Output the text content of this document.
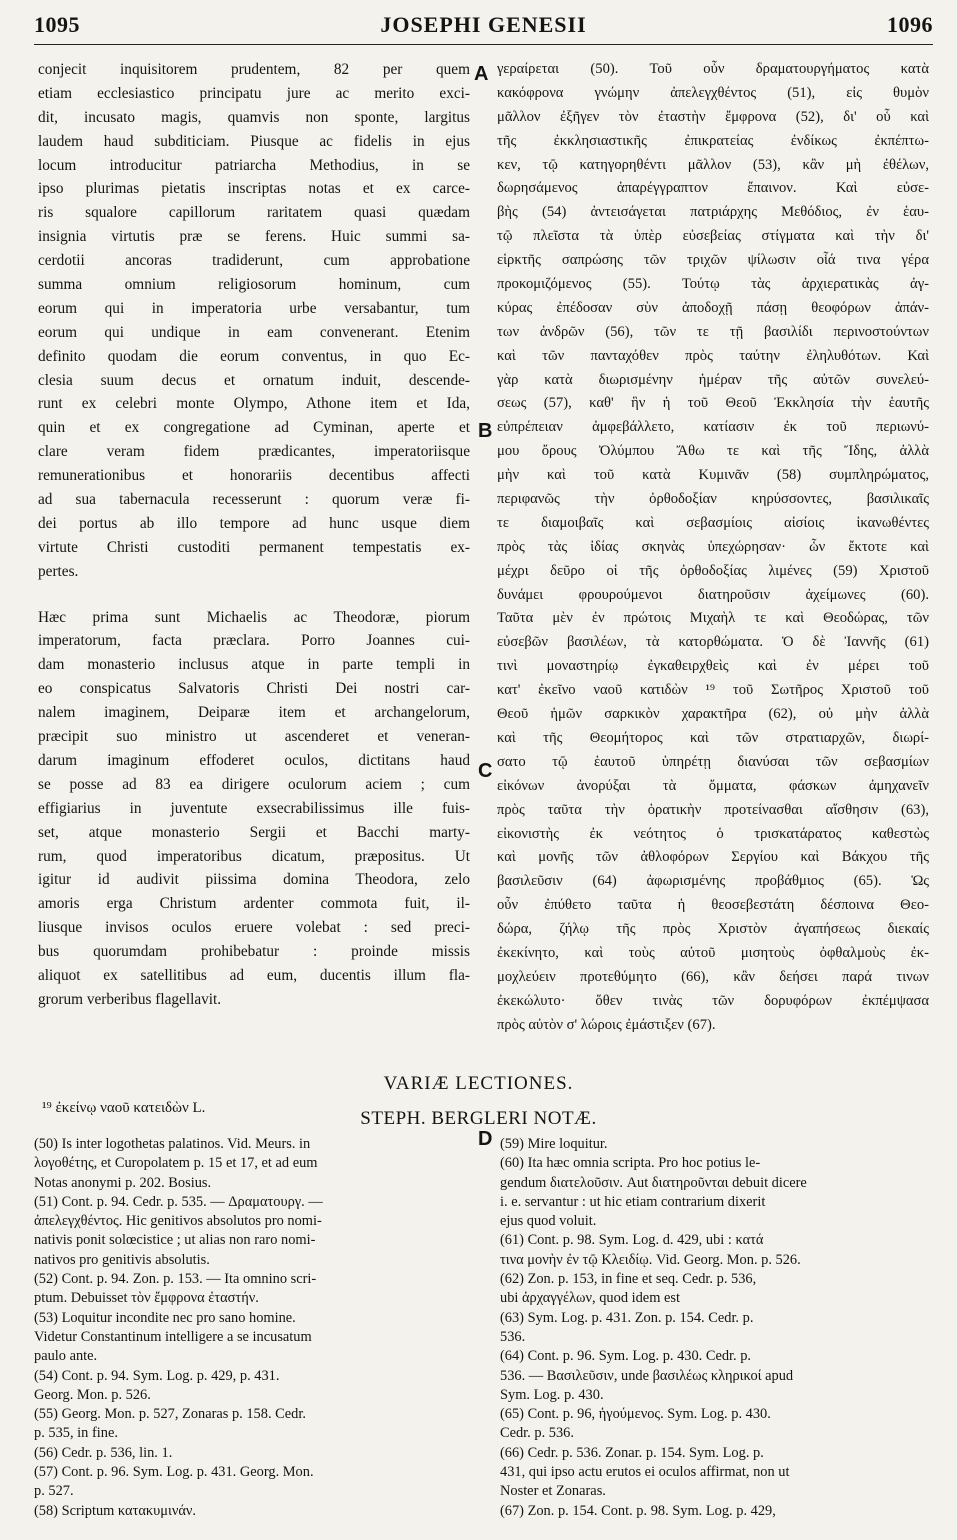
1095	JOSEPHI GENESII	1096
conjecit inquisitorem prudentem, 82 per quem
etiam ecclesiastico principatu jure ac merito exci-
dit, incusato magis, quamvis non sponte, largitus
laudem haud subditiciam. Piusque ac fidelis in ejus
locum introducitur patriarcha Methodius, in se
ipso plurimas pietatis inscriptas notas et ex carce-
ris squalore capillorum raritatem quasi quædam
insignia virtutis præ se ferens. Huic summi sa-
cerdotii ancoras tradiderunt, cum approbatione
summa omnium religiosorum hominum, cum
eorum qui in imperatoria urbe versabantur, tum
eorum qui undique in eam convenerant. Etenim
definito quodam die eorum conventus, in quo Ec-
clesia suum decus et ornatum induit, descende-
runt ex celebri monte Olympo, Athone item et Ida,
quin et ex congregatione ad Cyminan, aperte et
clare veram fidem prædicantes, imperatoriisque
remunerationibus et honorariis decentibus affecti
ad sua tabernacula recesserunt : quorum veræ fi-
dei portus ab illo tempore ad hunc usque diem
virtute Christi custoditi permanent tempestatis ex-
pertes.
Hæc prima sunt Michaelis ac Theodoræ, piorum
imperatorum, facta præclara. Porro Joannes cui-
dam monasterio inclusus atque in parte templi in
eo conspicatus Salvatoris Christi Dei nostri car-
nalem imaginem, Deiparæ item et archangelorum,
præcipit suo ministro ut ascenderet et veneran-
darum imaginum effoderet oculos, dictitans haud
se posse ad 83 ea dirigere oculorum aciem ; cum
effigiarius in juventute exsecrabilissimus ille fuis-
set, atque monasterio Sergii et Bacchi marty-
rum, quod imperatoribus dicatum, præpositus. Ut
igitur id audivit piissima domina Theodora, zelo
amoris erga Christum ardenter commota fuit, il-
liusque invisos oculos eruere volebat : sed preci-
bus quorumdam prohibebatur : proinde missis
aliquot ex satellitibus ad eum, ducentis illum fla-
grorum verberibus flagellavit.
γεραίρεται (50). Τοῦ οὖν δραματουργήματος κατὰ
κακόφρονα γνώμην ἀπελεγχθέντος (51), εἰς θυμὸν
μᾶλλον ἐξῆγεν τὸν ἐταστὴν ἔμφρονα (52), δι' οὗ καὶ
τῆς ἐκκλησιαστικῆς ἐπικρατείας ἐνδίκως ἐκπέπτω-
κεν, τῷ κατηγορηθέντι μᾶλλον (53), κἂν μὴ ἐθέλων,
δωρησάμενος ἀπαρέγγραπτον ἔπαινον. Καὶ εὐσε-
βὴς (54) ἀντεισάγεται πατριάρχης Μεθόδιος, ἐν ἑαυ-
τῷ πλεῖστα τὰ ὑπὲρ εὐσεβείας στίγματα καὶ τὴν δι'
εἱρκτῆς σαπρώσης τῶν τριχῶν ψίλωσιν οἷά τινα γέρα
προκομιζόμενος (55). Τούτῳ τὰς ἀρχιερατικὰς ἀγ-
κύρας ἐπέδοσαν σὺν ἀποδοχῇ πάσῃ θεοφόρων ἀπάν-
των ἀνδρῶν (56), τῶν τε τῇ βασιλίδι περινοστούντων
καὶ τῶν πανταχόθεν πρὸς ταύτην ἐληλυθότων. Καὶ
γὰρ κατὰ διωρισμένην ἡμέραν τῆς αὐτῶν συνελεύ-
σεως (57), καθ' ἣν ἡ τοῦ Θεοῦ Ἐκκλησία τὴν ἑαυτῆς
εὐπρέπειαν ἀμφεβάλλετο, κατίασιν ἐκ τοῦ περιωνύ-
μου ὄρους Ὀλύμπου Ἄθω τε καὶ τῆς Ἴδης, ἀλλὰ
μὴν καὶ τοῦ κατὰ Κυμινᾶν (58) συμπληρώματος,
περιφανῶς τὴν ὀρθοδοξίαν κηρύσσοντες, βασιλικαῖς
τε διαμοιβαῖς καὶ σεβασμίοις αἰσίοις ἱκανωθέντες
πρὸς τὰς ἰδίας σκηνὰς ὑπεχώρησαν· ὧν ἔκτοτε καὶ
μέχρι δεῦρο οἱ τῆς ὀρθοδοξίας λιμένες (59) Χριστοῦ
δυνάμει φρουρούμενοι διατηροῦσιν ἀχείμωνες (60).
Ταῦτα μὲν ἐν πρώτοις Μιχαὴλ τε καὶ Θεοδώρας, τῶν
εὐσεβῶν βασιλέων, τὰ κατορθώματα. Ὁ δὲ Ἰαννῆς (61)
τινὶ μοναστηρίῳ ἐγκαθειρχθεὶς καὶ ἐν μέρει τοῦ
κατ' ἐκεῖνο ναοῦ κατιδὼν ¹⁹ τοῦ Σωτῆρος Χριστοῦ τοῦ
Θεοῦ ἡμῶν σαρκικὸν χαρακτῆρα (62), οὐ μὴν ἀλλὰ
καὶ τῆς Θεομήτορος καὶ τῶν στρατιαρχῶν, διωρί-
σατο τῷ ἑαυτοῦ ὑπηρέτῃ διανύσαι τῶν σεβασμίων
εἰκόνων ἀνορύξαι τὰ ὄμματα, φάσκων ἀμηχανεῖν
πρὸς ταῦτα τὴν ὁρατικὴν προτείνασθαι αἴσθησιν (63),
εἰκονιστὴς ἐκ νεότητος ὁ τρισκατάρατος καθεστὼς
καὶ μονῆς τῶν ἀθλοφόρων Σεργίου καὶ Βάκχου τῆς
βασιλεῦσιν (64) ἀφωρισμένης προβάθμιος (65). Ὡς
οὖν ἐπύθετο ταῦτα ἡ θεοσεβεστάτη δέσποινα Θεο-
δώρα, ζήλῳ τῆς πρὸς Χριστὸν ἀγαπήσεως διεκαίς
ἐκεκίνητο, καὶ τοὺς αὐτοῦ μισητοὺς ὀφθαλμοὺς ἐκ-
μοχλεύειν προτεθύμητο (66), κἂν δεήσει παρά τινων
ἐκεκώλυτο· ὅθεν τινὰς τῶν δορυφόρων ἐκπέμψασα
πρὸς αὐτὸν σ' λώροις ἐμάστιξεν (67).
A
B
C
D
VARIÆ LECTIONES.
¹⁹ ἐκείνῳ ναοῦ κατειδὼν L.	STEPH. BERGLERI NOTÆ.
(50) Is inter logothetas palatinos. Vid. Meurs. in
λογοθέτης, et Curopolatem p. 15 et 17, et ad eum
Notas anonymi p. 202. Bosius.
(51) Cont. p. 94. Cedr. p. 535. — Δραματουργ. —
ἀπελεγχθέντος. Hic genitivos absolutos pro nomi-
nativis ponit solœcistice ; ut alias non raro nomi-
nativos pro genitivis absolutis.
(52) Cont. p. 94. Zon. p. 153. — Ita omnino scri-
ptum. Debuisset τὸν ἔμφρονα ἐταστήν.
(53) Loquitur inconditе nec pro sano homine.
Videtur Constantinum intelligere a se incusatum
paulo ante.
(54) Cont. p. 94. Sym. Log. p. 429, p. 431.
Georg. Mon. p. 526.
(55) Georg. Mon. p. 527, Zonaras p. 158. Cedr.
p. 535, in fine.
(56) Cedr. p. 536, lin. 1.
(57) Cont. p. 96. Sym. Log. p. 431. Georg. Mon.
p. 527.
(58) Scriptum κατακυμινάν.
(59) Mire loquitur.
(60) Ita hæc omnia scripta. Pro hoc potius le-
gendum διατελοῦσιν. Aut διατηροῦνται debuit dicere
i. e. servantur : ut hic etiam contrarium dixerit
ejus quod voluit.
(61) Cont. p. 98. Sym. Log. d. 429, ubi : κατά
τινα μονὴν ἐν τῷ Κλειδίῳ. Vid. Georg. Mon. p. 526.
(62) Zon. p. 153, in fine et seq. Cedr. p. 536,
ubi ἀρχαγγέλων, quod idem est
(63) Sym. Log. p. 431. Zon. p. 154. Cedr. p.
536.
(64) Cont. p. 96. Sym. Log. p. 430. Cedr. p.
536. — Βασιλεῦσιν, unde βασιλέως κληρικοί apud
Sym. Log. p. 430.
(65) Cont. p. 96, ἡγούμενος. Sym. Log. p. 430.
Cedr. p. 536.
(66) Cedr. p. 536. Zonar. p. 154. Sym. Log. p.
431, qui ipso actu erutos ei oculos affirmat, non ut
Noster et Zonaras.
(67) Zon. p. 154. Cont. p. 98. Sym. Log. p. 429,
